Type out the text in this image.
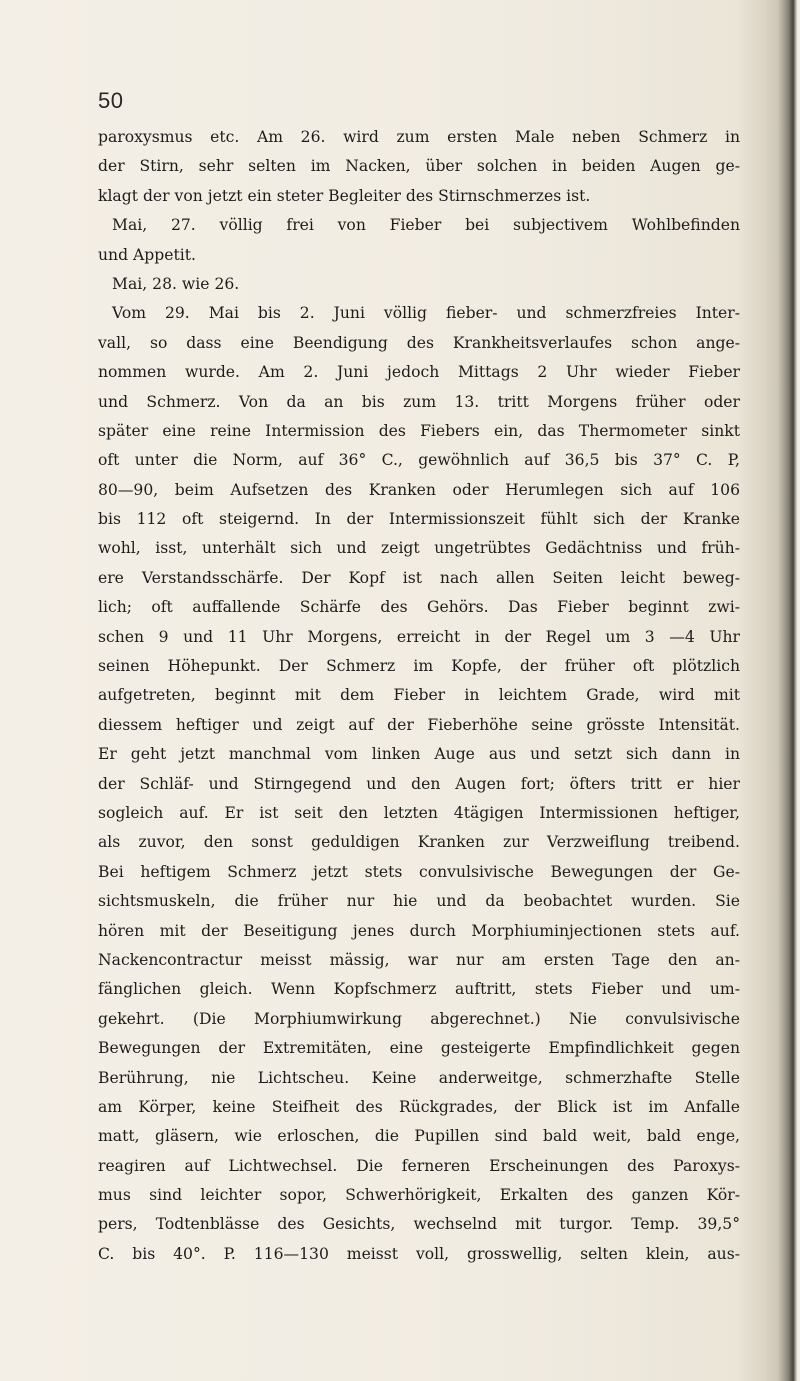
50
paroxysmus etc. Am 26. wird zum ersten Male neben Schmerz in
der Stirn, sehr selten im Nacken, über solchen in beiden Augen ge-
klagt der von jetzt ein steter Begleiter des Stirnschmerzes ist.
Mai, 27. völlig frei von Fieber bei subjectivem Wohlbefinden
und Appetit.
Mai, 28. wie 26.
Vom 29. Mai bis 2. Juni völlig fieber- und schmerzfreies Inter-
vall, so dass eine Beendigung des Krankheitsverlaufes schon ange-
nommen wurde. Am 2. Juni jedoch Mittags 2 Uhr wieder Fieber
und Schmerz. Von da an bis zum 13. tritt Morgens früher oder
später eine reine Intermission des Fiebers ein, das Thermometer sinkt
oft unter die Norm, auf 36° C., gewöhnlich auf 36,5 bis 37° C. P,
80—90, beim Aufsetzen des Kranken oder Herumlegen sich auf 106
bis 112 oft steigernd. In der Intermissionszeit fühlt sich der Kranke
wohl, isst, unterhält sich und zeigt ungetrübtes Gedächtniss und früh-
ere Verstandsschärfe. Der Kopf ist nach allen Seiten leicht beweg-
lich; oft auffallende Schärfe des Gehörs. Das Fieber beginnt zwi-
schen 9 und 11 Uhr Morgens, erreicht in der Regel um 3 —4 Uhr
seinen Höhepunkt. Der Schmerz im Kopfe, der früher oft plötzlich
aufgetreten, beginnt mit dem Fieber in leichtem Grade, wird mit
diessem heftiger und zeigt auf der Fieberhöhe seine grösste Intensität.
Er geht jetzt manchmal vom linken Auge aus und setzt sich dann in
der Schläf- und Stirngegend und den Augen fort; öfters tritt er hier
sogleich auf. Er ist seit den letzten 4tägigen Intermissionen heftiger,
als zuvor, den sonst geduldigen Kranken zur Verzweiflung treibend.
Bei heftigem Schmerz jetzt stets convulsivische Bewegungen der Ge-
sichtsmuskeln, die früher nur hie und da beobachtet wurden. Sie
hören mit der Beseitigung jenes durch Morphiuminjectionen stets auf.
Nackencontractur meisst mässig, war nur am ersten Tage den an-
fänglichen gleich. Wenn Kopfschmerz auftritt, stets Fieber und um-
gekehrt. (Die Morphiumwirkung abgerechnet.) Nie convulsivische
Bewegungen der Extremitäten, eine gesteigerte Empfindlichkeit gegen
Berührung, nie Lichtscheu. Keine anderweitge, schmerzhafte Stelle
am Körper, keine Steifheit des Rückgrades, der Blick ist im Anfalle
matt, gläsern, wie erloschen, die Pupillen sind bald weit, bald enge,
reagiren auf Lichtwechsel. Die ferneren Erscheinungen des Paroxys-
mus sind leichter sopor, Schwerhörigkeit, Erkalten des ganzen Kör-
pers, Todtenblässe des Gesichts, wechselnd mit turgor. Temp. 39,5°
C. bis 40°. P. 116—130 meisst voll, grosswellig, selten klein, aus-
